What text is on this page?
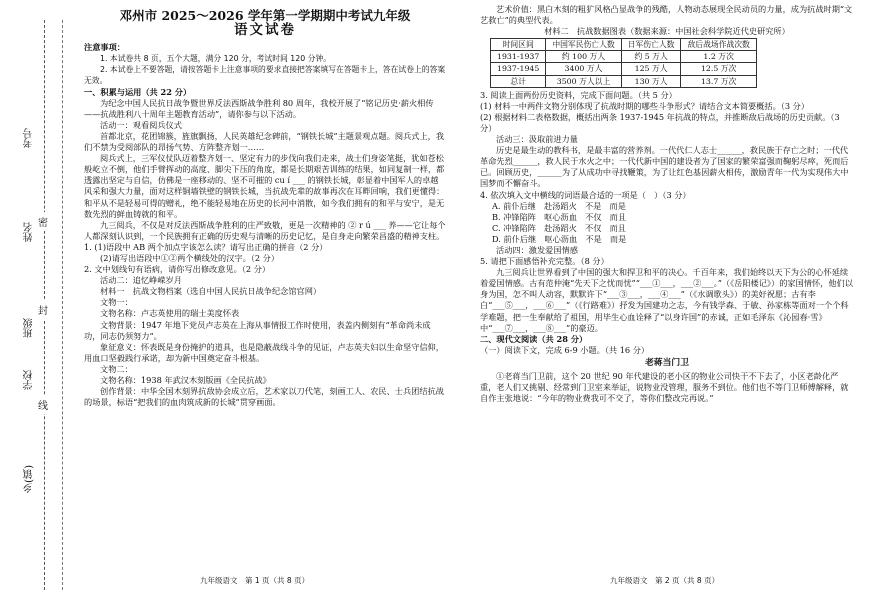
考号
姓名
班级
学校
乡(镇)
密
封
线
邓州市 2025～2026 学年第一学期期中考试九年级
语文试卷

注意事项：

1. 本试卷共 8 页，五个大题，满分 120 分，考试时间 120 分钟。

2. 本试卷上不要答题，请按答题卡上注意事项的要求直接把答案填写在答题卡上，答在试卷上的答案无效。

一、积累与运用（共 22 分）

为纪念中国人民抗日战争暨世界反法西斯战争胜利 80 周年，我校开展了“铭记历史·薪火相传——抗战胜利八十周年主题教育活动”，请你参与以下活动。

活动一：观看阅兵仪式

首都北京，花团锦簇，旌旗飘扬，人民英雄纪念碑前，“钢铁长城”主题景观点题。阅兵式上，我们不禁为受阅部队的昂扬气势、方阵整齐划一……

阅兵式上，三军仪仗队迈着整齐划一、坚定有力的步伐向我们走来，战士们身姿笔挺，犹如苍松般屹立不倒，他们手臂挥动的高度、脚尖下压的角度，都是长期艰苦训练的结果，如同复制一样，都透露出坚定与自信，仿佛是一座移动的、坚不可摧的 cu í ___ 的钢铁长城，彰显着中国军人的卓越风采和强大力量，面对这样铜墙铁壁的钢铁长城，当抗战先辈的故事再次在耳畔回响，我们更懂得：和平从不是轻易可得的赠礼，绝不能轻易地在历史的长河中消散，如今我们拥有的和平与安宁，是无数先烈的鲜血铸就的和平。

九三阅兵，不仅是对反法西斯战争胜利的庄严致敬，更是一次精神的 ② r ú ___ 养——它让每个人都深刻认识到，一个民族拥有正确的历史观与清晰的历史记忆，是自身走向繁荣昌盛的精神支柱。

1. (1)语段中 AB 两个加点字该怎么读？请写出正确的拼音（2 分）

(2)请写出语段中①②两个横线处的汉字。（2 分）

2. 文中划线句有语病，请你写出修改意见。（2 分）

活动二：追忆峥嵘岁月

材料一　抗战文物档案（选自中国人民抗日战争纪念馆官网）

文物一：

文物名称：卢志英使用的瑞士美度怀表

文物背景：1947 年地下党员卢志英在上海从事情报工作时使用，表盖内侧刻有“革命尚未成功，同志仍须努力”。

象征意义：怀表既是身份掩护的道具，也是隐蔽战线斗争的见证，卢志英夫妇以生命坚守信仰，用血口坚毅践行承诺，却为新中国奠定奋斗根基。

文物二：

文物名称：1938 年武汉木刻版画《全民抗战》

创作背景：中华全国木刻界抗敌协会成立后，艺术家以刀代笔，刻画工人、农民、士兵团结抗战的场景，标语“把我们的血肉筑成新的长城”贯穿画面。

九年级语文　第 1 页（共 8 页）

艺术价值：黑白木刻的粗犷风格凸显战争的残酷，人物动态展现全民动员的力量，成为抗战时期“文艺救亡”的典型代表。

材料二　抗战数据图表（数据来源：中国社会科学院近代史研究所）

时间区间	中国军民伤亡人数	日军伤亡人数	敌后战场作战次数
1931-1937	约 100 万人	约 5 万人	1.2 万次
1937-1945	3400 万人	125 万人	12.5 万次
总计	3500 万人以上	130 万人	13.7 万次

3. 阅读上面两份历史资料，完成下面问题。（共 5 分）

(1) 材料一中两件文物分别体现了抗战时期的哪些斗争形式？请结合文本简要概括。（3 分）

(2) 根据材料二表格数据，概括出两条 1937-1945 年抗战的特点，并推断敌后战场的历史贡献。（3 分）

活动三：汲取前进力量

历史是最生动的教科书，是最丰富的营养剂。一代代仁人志士______，救民族于存亡之时；一代代革命先烈______，救人民于水火之中；一代代新中国的建设者为了国家的繁荣富强而鞠躬尽瘁，死而后已。回顾历史，______为了从成功中寻找鞭策，为了让红色基因薪火相传，激励青年一代为实现伟大中国梦而不懈奋斗。

4. 依次填入文中横线的词语最合适的一项是（　）（3 分）

A. 前仆后继　赴汤蹈火　不是　而是

B. 冲锋陷阵　呕心沥血　不仅　而且

C. 冲锋陷阵　赴汤蹈火　不仅　而且

D. 前仆后继　呕心沥血　不是　而是

活动四：激发爱国情感

5. 请把下面感悟补充完整。（8 分）

九三阅兵让世界看到了中国的强大和捍卫和平的决心。千百年来，我们始终以天下为公的心怀延续着爱国情感。古有范仲淹“先天下之忧而忧”“___①___，___②___。”（《岳阳楼记》）的家国情怀，他们以身为国，怎不叫人动容，默默许下“___③___，___④___”（《水调歌头》）的美好祝愿；古有李白“___⑤___，___⑥___”（《行路难》）抒发为国建功之志，今有钱学森、于敏、孙家栋等面对一个个科学难题，把一生奉献给了祖国，用毕生心血诠释了“以身许国”的赤诚，正如毛泽东《沁园春·雪》中“___⑦___，___⑧___”的豪迈。

二、现代文阅读（共 28 分）

（一）阅读下文，完成 6-9 小题。（共 16 分）

老蒋当门卫

①老蒋当门卫前，这个 20 世纪 90 年代建设的老小区的物业公司快干不下去了，小区老龄化严重，老人们又挑剔、经常到门卫室来举证，说物业没管理，服务不到位。他们也不等门卫师傅解释，就自作主张地说：“今年的物业费我可不交了，等你们整改完再说。”

九年级语文　第 2 页（共 8 页）
